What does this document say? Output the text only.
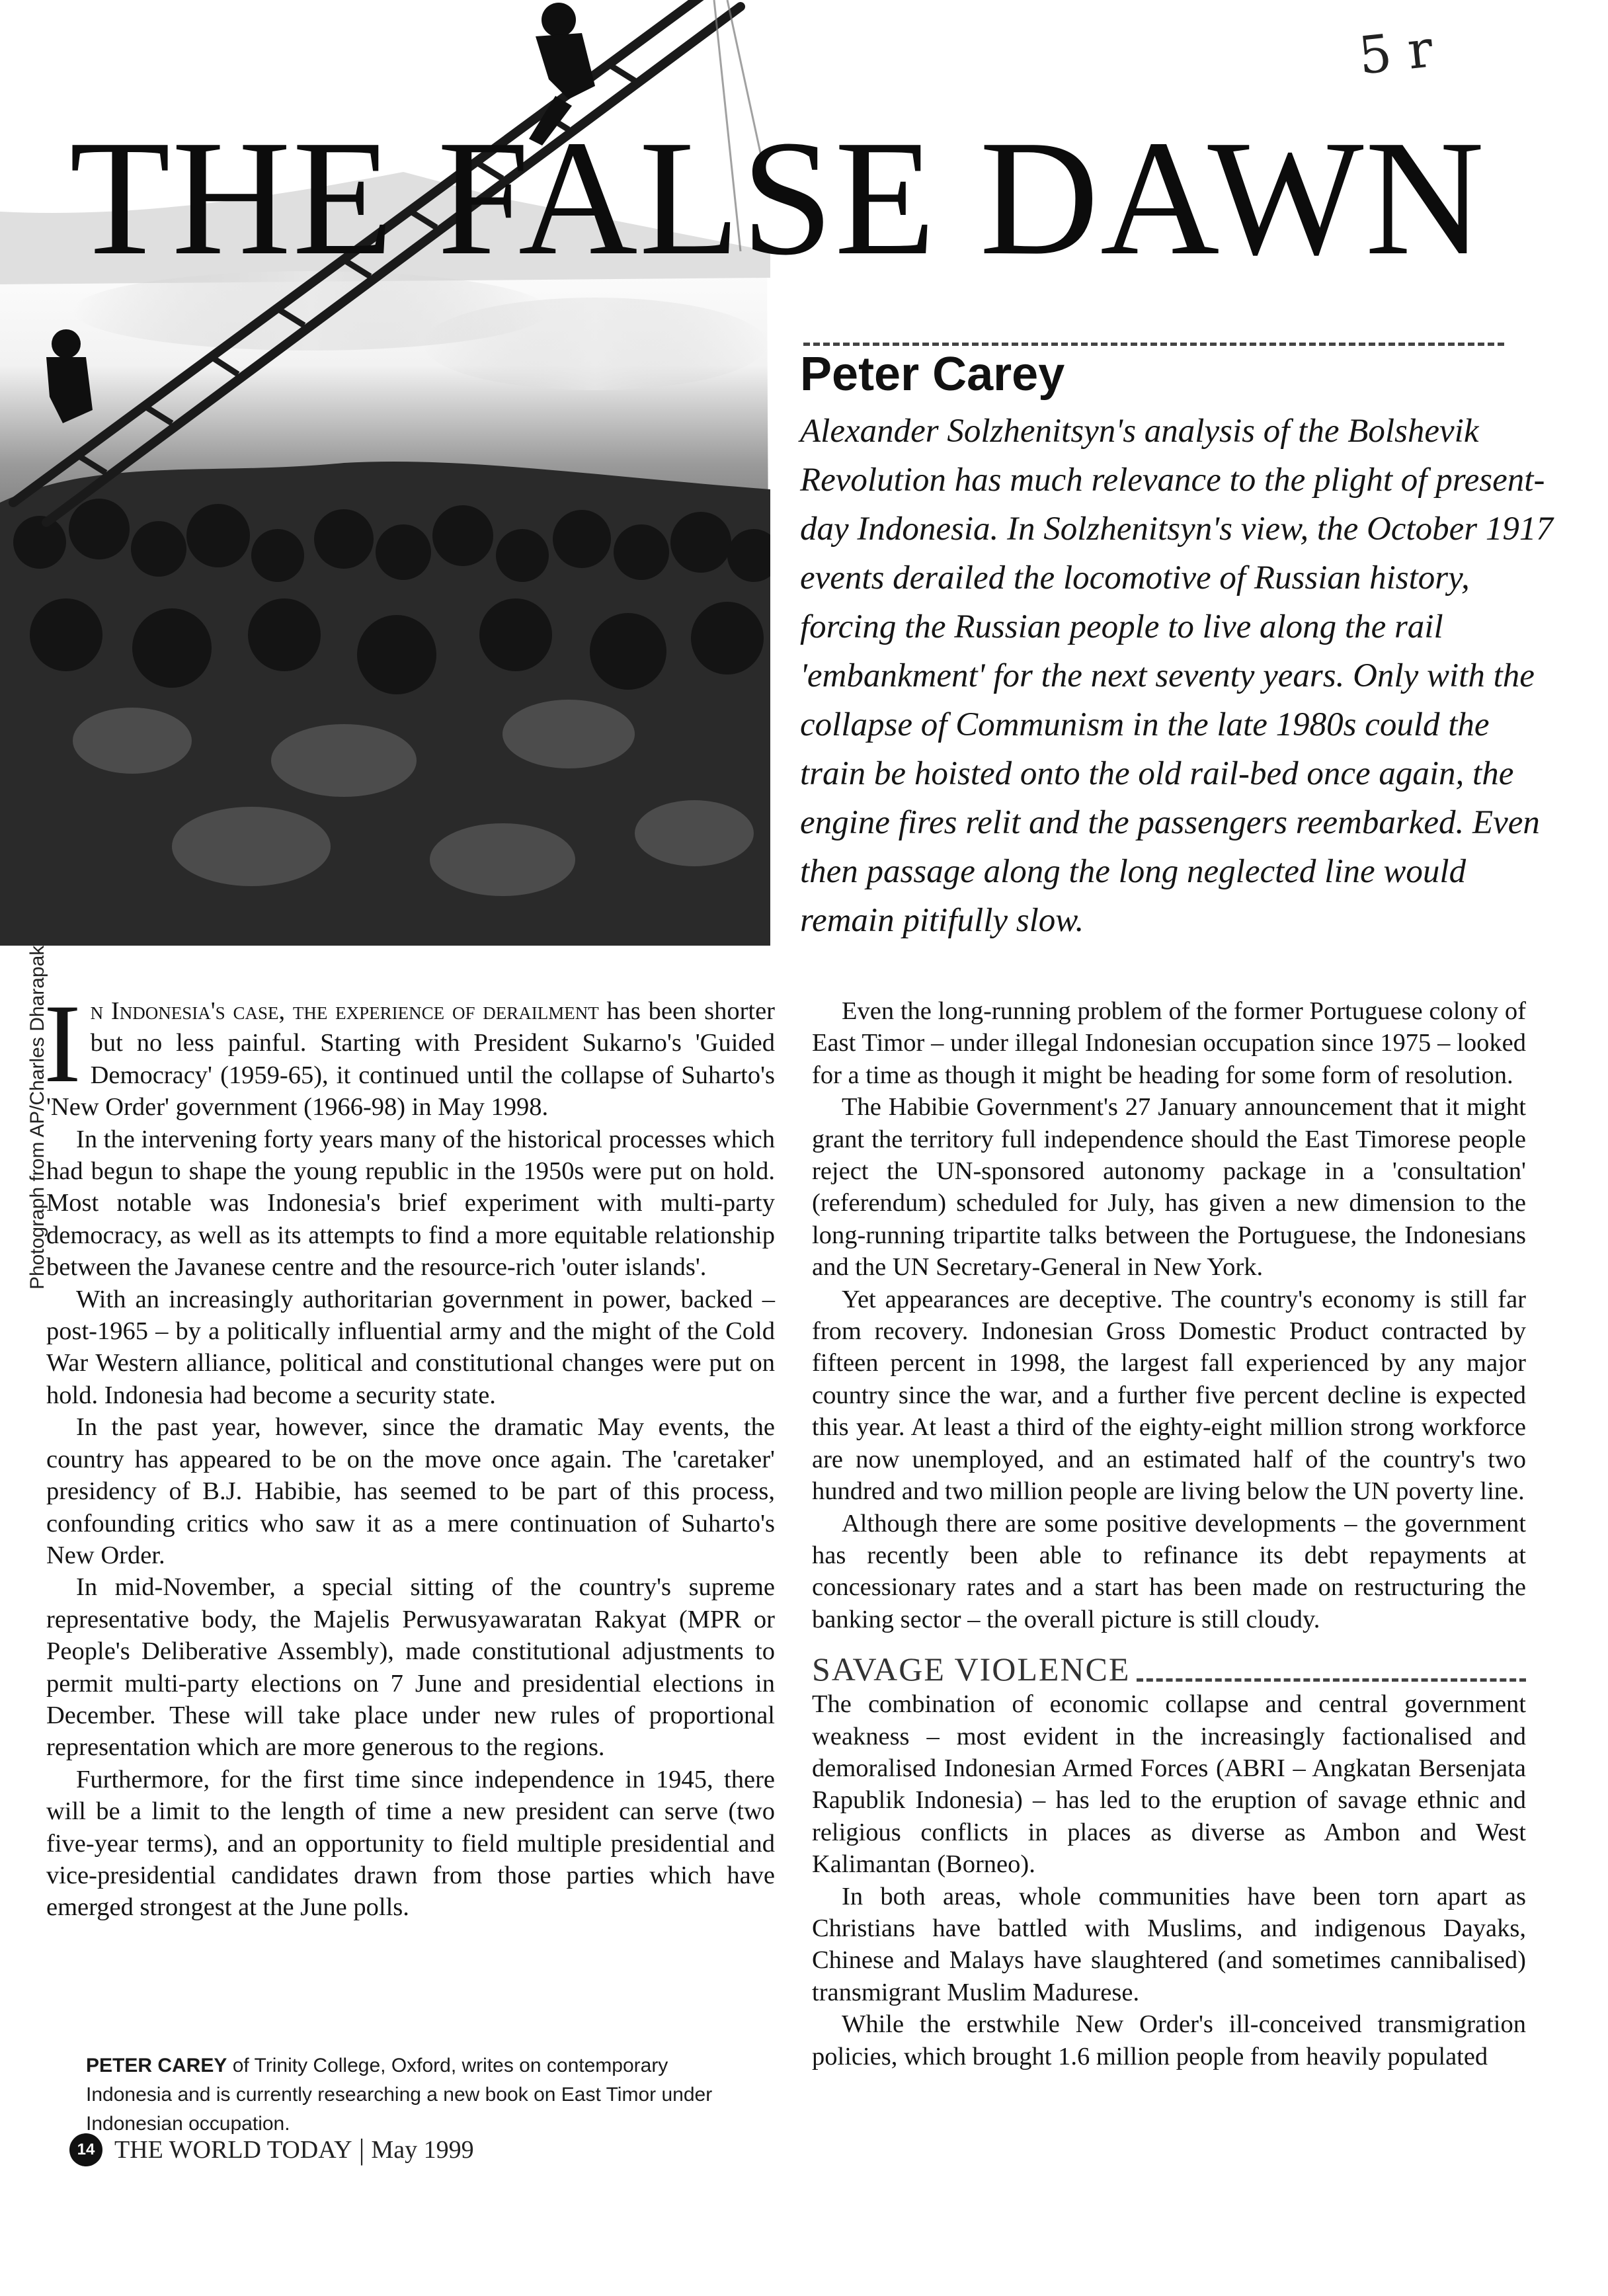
THE FALSE DAWN
5 r
Peter Carey

Alexander Solzhenitsyn's analysis of the Bolshevik Revolution has much relevance to the plight of present-day Indonesia. In Solzhenitsyn's view, the October 1917 events derailed the locomotive of Russian history, forcing the Russian people to live along the rail 'embankment' for the next seventy years. Only with the collapse of Communism in the late 1980s could the train be hoisted onto the old rail-bed once again, the engine fires relit and the passengers reembarked. Even then passage along the long neglected line would remain pitifully slow.

Photograph from AP/Charles Dharapak

In Indonesia's case, the experience of derailment has been shorter but no less painful. Starting with President Sukarno's 'Guided Democracy' (1959-65), it continued until the collapse of Suharto's 'New Order' government (1966-98) in May 1998.

In the intervening forty years many of the historical processes which had begun to shape the young republic in the 1950s were put on hold. Most notable was Indonesia's brief experiment with multi-party democracy, as well as its attempts to find a more equitable relationship between the Javanese centre and the resource-rich 'outer islands'.

With an increasingly authoritarian government in power, backed – post-1965 – by a politically influential army and the might of the Cold War Western alliance, political and constitutional changes were put on hold. Indonesia had become a security state.

In the past year, however, since the dramatic May events, the country has appeared to be on the move once again. The 'caretaker' presidency of B.J. Habibie, has seemed to be part of this process, confounding critics who saw it as a mere continuation of Suharto's New Order.

In mid-November, a special sitting of the country's supreme representative body, the Majelis Perwusyawaratan Rakyat (MPR or People's Deliberative Assembly), made constitutional adjustments to permit multi-party elections on 7 June and presidential elections in December. These will take place under new rules of proportional representation which are more generous to the regions.

Furthermore, for the first time since independence in 1945, there will be a limit to the length of time a new president can serve (two five-year terms), and an opportunity to field multiple presidential and vice-presidential candidates drawn from those parties which have emerged strongest at the June polls.

PETER CAREY of Trinity College, Oxford, writes on contemporary Indonesia and is currently researching a new book on East Timor under Indonesian occupation.

Even the long-running problem of the former Portuguese colony of East Timor – under illegal Indonesian occupation since 1975 – looked for a time as though it might be heading for some form of resolution.

The Habibie Government's 27 January announcement that it might grant the territory full independence should the East Timorese people reject the UN-sponsored autonomy package in a 'consultation' (referendum) scheduled for July, has given a new dimension to the long-running tripartite talks between the Portuguese, the Indonesians and the UN Secretary-General in New York.

Yet appearances are deceptive. The country's economy is still far from recovery. Indonesian Gross Domestic Product contracted by fifteen percent in 1998, the largest fall experienced by any major country since the war, and a further five percent decline is expected this year. At least a third of the eighty-eight million strong workforce are now unemployed, and an estimated half of the country's two hundred and two million people are living below the UN poverty line.

Although there are some positive developments – the government has recently been able to refinance its debt repayments at concessionary rates and a start has been made on restructuring the banking sector – the overall picture is still cloudy.

SAVAGE VIOLENCE

The combination of economic collapse and central government weakness – most evident in the increasingly factionalised and demoralised Indonesian Armed Forces (ABRI – Angkatan Bersenjata Rapublik Indonesia) – has led to the eruption of savage ethnic and religious conflicts in places as diverse as Ambon and West Kalimantan (Borneo).

In both areas, whole communities have been torn apart as Christians have battled with Muslims, and indigenous Dayaks, Chinese and Malays have slaughtered (and sometimes cannibalised) transmigrant Muslim Madurese.

While the erstwhile New Order's ill-conceived transmigration policies, which brought 1.6 million people from heavily populated

14 THE WORLD TODAY | May 1999
